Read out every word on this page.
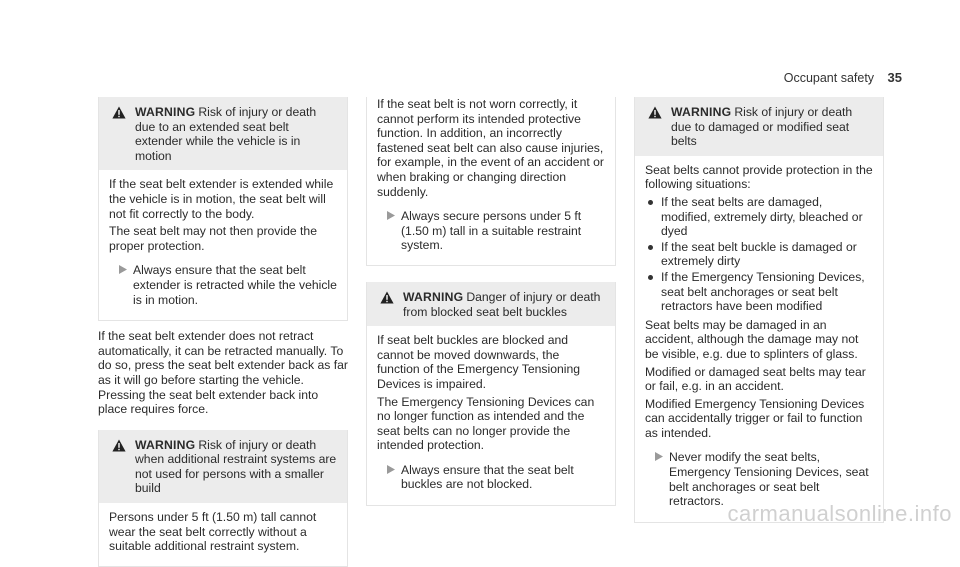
Occupant safety 35
WARNING Risk of injury or death due to an extended seat belt extender while the vehicle is in motion

If the seat belt extender is extended while the vehicle is in motion, the seat belt will not fit correctly to the body.

The seat belt may not then provide the proper protection.

Always ensure that the seat belt extender is retracted while the vehicle is in motion.

If the seat belt extender does not retract automatically, it can be retracted manually. To do so, press the seat belt extender back as far as it will go before starting the vehicle. Pressing the seat belt extender back into place requires force.

WARNING Risk of injury or death when additional restraint systems are not used for persons with a smaller build

Persons under 5 ft (1.50 m) tall cannot wear the seat belt correctly without a suitable additional restraint system.

If the seat belt is not worn correctly, it cannot perform its intended protective function. In addition, an incorrectly fastened seat belt can also cause injuries, for example, in the event of an accident or when braking or changing direction suddenly.

Always secure persons under 5 ft (1.50 m) tall in a suitable restraint system.
WARNING Danger of injury or death from blocked seat belt buckles

If seat belt buckles are blocked and cannot be moved downwards, the function of the Emergency Tensioning Devices is impaired.

The Emergency Tensioning Devices can no longer function as intended and the seat belts can no longer provide the intended protection.

Always ensure that the seat belt buckles are not blocked.
WARNING Risk of injury or death due to damaged or modified seat belts

Seat belts cannot provide protection in the following situations:

If the seat belts are damaged, modified, extremely dirty, bleached or dyed
If the seat belt buckle is damaged or extremely dirty
If the Emergency Tensioning Devices, seat belt anchorages or seat belt retractors have been modified

Seat belts may be damaged in an accident, although the damage may not be visible, e.g. due to splinters of glass.

Modified or damaged seat belts may tear or fail, e.g. in an accident.

Modified Emergency Tensioning Devices can accidentally trigger or fail to function as intended.

Never modify the seat belts, Emergency Tensioning Devices, seat belt anchorages or seat belt retractors. carmanualsonline.info
